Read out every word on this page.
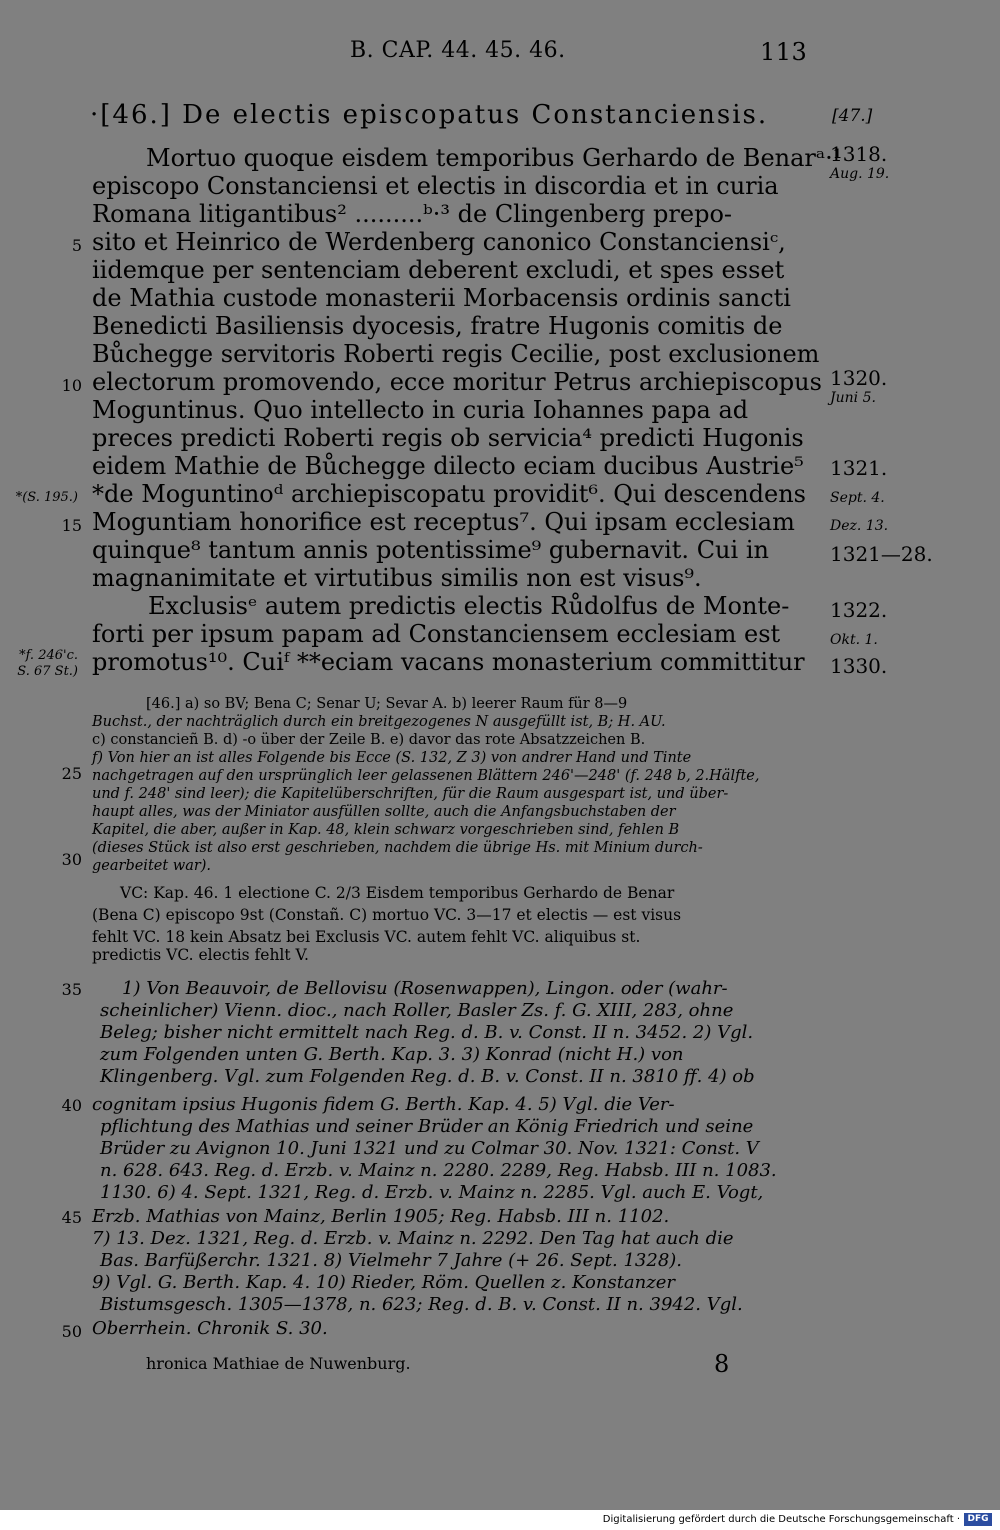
B. CAP. 44. 45. 46.	113
·[46.] De electis episcopatus Constanciensis.	[47.]
Mortuo quoque eisdem temporibus Gerhardo de Benarᵃ·¹
episcopo Constanciensi et electis in discordia et in curia
Romana litigantibus² .........ᵇ·³ de Clingenberg prepo-
sito et Heinrico de Werdenberg canonico Constanciensiᶜ,
iidemque per sentenciam deberent excludi, et spes esset
de Mathia custode monasterii Morbacensis ordinis sancti
Benedicti Basiliensis dyocesis, fratre Hugonis comitis de
Bůchegge servitoris Roberti regis Cecilie, post exclusionem
electorum promovendo, ecce moritur Petrus archiepiscopus
Moguntinus. Quo intellecto in curia Iohannes papa ad
preces predicti Roberti regis ob servicia⁴ predicti Hugonis
eidem Mathie de Bůchegge dilecto eciam ducibus Austrie⁵
*de Moguntinoᵈ archiepiscopatu providit⁶. Qui descendens
Moguntiam honorifice est receptus⁷. Qui ipsam ecclesiam
quinque⁸ tantum annis potentissime⁹ gubernavit. Cui in
magnanimitate et virtutibus similis non est visus⁹.
Exclusisᵉ autem predictis electis Růdolfus de Monte-
forti per ipsum papam ad Constanciensem ecclesiam est
promotus¹⁰. Cuiᶠ **eciam vacans monasterium committitur
5
10
15
25
30
35
40
45
50
1318.
Aug. 19.
1320.
Juni 5.
1321.
Sept. 4.
Dez. 13.
1321—28.
1322.
Okt. 1.
1330.
*(S. 195.)
*f. 246'c.
S. 67 St.)
[46.] a) so BV; Bena C; Senar U; Sevar A. b) leerer Raum für 8—9
Buchst., der nachträglich durch ein breitgezogenes N ausgefüllt ist, B; H. AU.
c) constancieñ B. d) -o über der Zeile B. e) davor das rote Absatzzeichen B.
f) Von hier an ist alles Folgende bis Ecce (S. 132, Z 3) von andrer Hand und Tinte
nachgetragen auf den ursprünglich leer gelassenen Blättern 246'—248' (f. 248 b, 2.Hälfte,
und f. 248' sind leer); die Kapitelüberschriften, für die Raum ausgespart ist, und über-
haupt alles, was der Miniator ausfüllen sollte, auch die Anfangsbuchstaben der
Kapitel, die aber, außer in Kap. 48, klein schwarz vorgeschrieben sind, fehlen B
(dieses Stück ist also erst geschrieben, nachdem die übrige Hs. mit Minium durch-
gearbeitet war).
VC: Kap. 46. 1 electione C. 2/3 Eisdem temporibus Gerhardo de Benar
(Bena C) episcopo 9st (Constañ. C) mortuo VC. 3—17 et electis — est visus
fehlt VC. 18 kein Absatz bei Exclusis VC. autem fehlt VC. aliquibus st.
predictis VC. electis fehlt V.
1) Von Beauvoir, de Bellovisu (Rosenwappen), Lingon. oder (wahr-
scheinlicher) Vienn. dioc., nach Roller, Basler Zs. f. G. XIII, 283, ohne
Beleg; bisher nicht ermittelt nach Reg. d. B. v. Const. II n. 3452. 2) Vgl.
zum Folgenden unten G. Berth. Kap. 3. 3) Konrad (nicht H.) von
Klingenberg. Vgl. zum Folgenden Reg. d. B. v. Const. II n. 3810 ff. 4) ob
cognitam ipsius Hugonis fidem G. Berth. Kap. 4. 5) Vgl. die Ver-
pflichtung des Mathias und seiner Brüder an König Friedrich und seine
Brüder zu Avignon 10. Juni 1321 und zu Colmar 30. Nov. 1321: Const. V
n. 628. 643. Reg. d. Erzb. v. Mainz n. 2280. 2289, Reg. Habsb. III n. 1083.
1130. 6) 4. Sept. 1321, Reg. d. Erzb. v. Mainz n. 2285. Vgl. auch E. Vogt,
Erzb. Mathias von Mainz, Berlin 1905; Reg. Habsb. III n. 1102.
7) 13. Dez. 1321, Reg. d. Erzb. v. Mainz n. 2292. Den Tag hat auch die
Bas. Barfüßerchr. 1321. 8) Vielmehr 7 Jahre (+ 26. Sept. 1328).
9) Vgl. G. Berth. Kap. 4. 10) Rieder, Röm. Quellen z. Konstanzer
Bistumsgesch. 1305—1378, n. 623; Reg. d. B. v. Const. II n. 3942. Vgl.
Oberrhein. Chronik S. 30.
hronica Mathiae de Nuwenburg.	8
Digitalisierung gefördert durch die Deutsche Forschungsgemeinschaft · DFG
